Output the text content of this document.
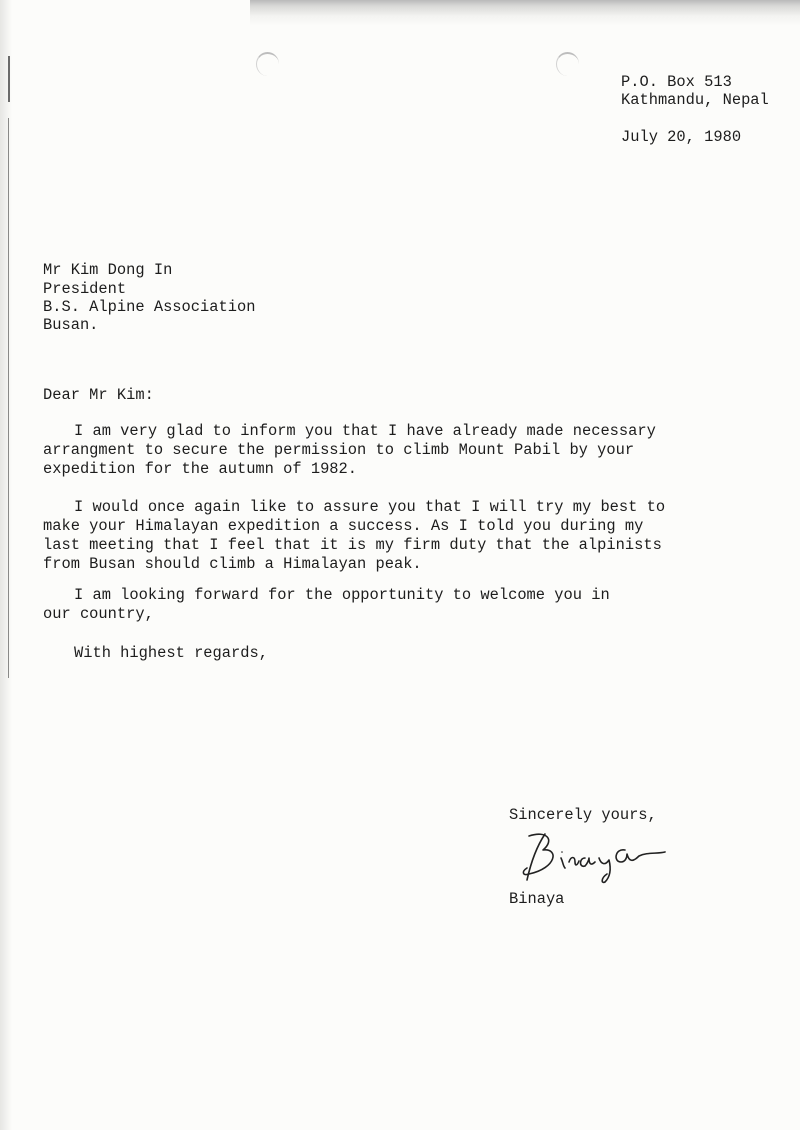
P.O. Box 513

Kathmandu, Nepal

July 20, 1980

Mr Kim Dong In

President

B.S. Alpine Association

Busan.

Dear Mr Kim:

I am very glad to inform you that I have already made necessary
arrangment to secure the permission to climb Mount Pabil by your
expedition for the autumn of 1982.
I would once again like to assure you that I will try my best to
make your Himalayan expedition a success. As I told you during my
last meeting that I feel that it is my firm duty that the alpinists
from Busan should climb a Himalayan peak.
I am looking forward for the opportunity to welcome you in
our country,

With highest regards,

Sincerely yours,

Binaya
